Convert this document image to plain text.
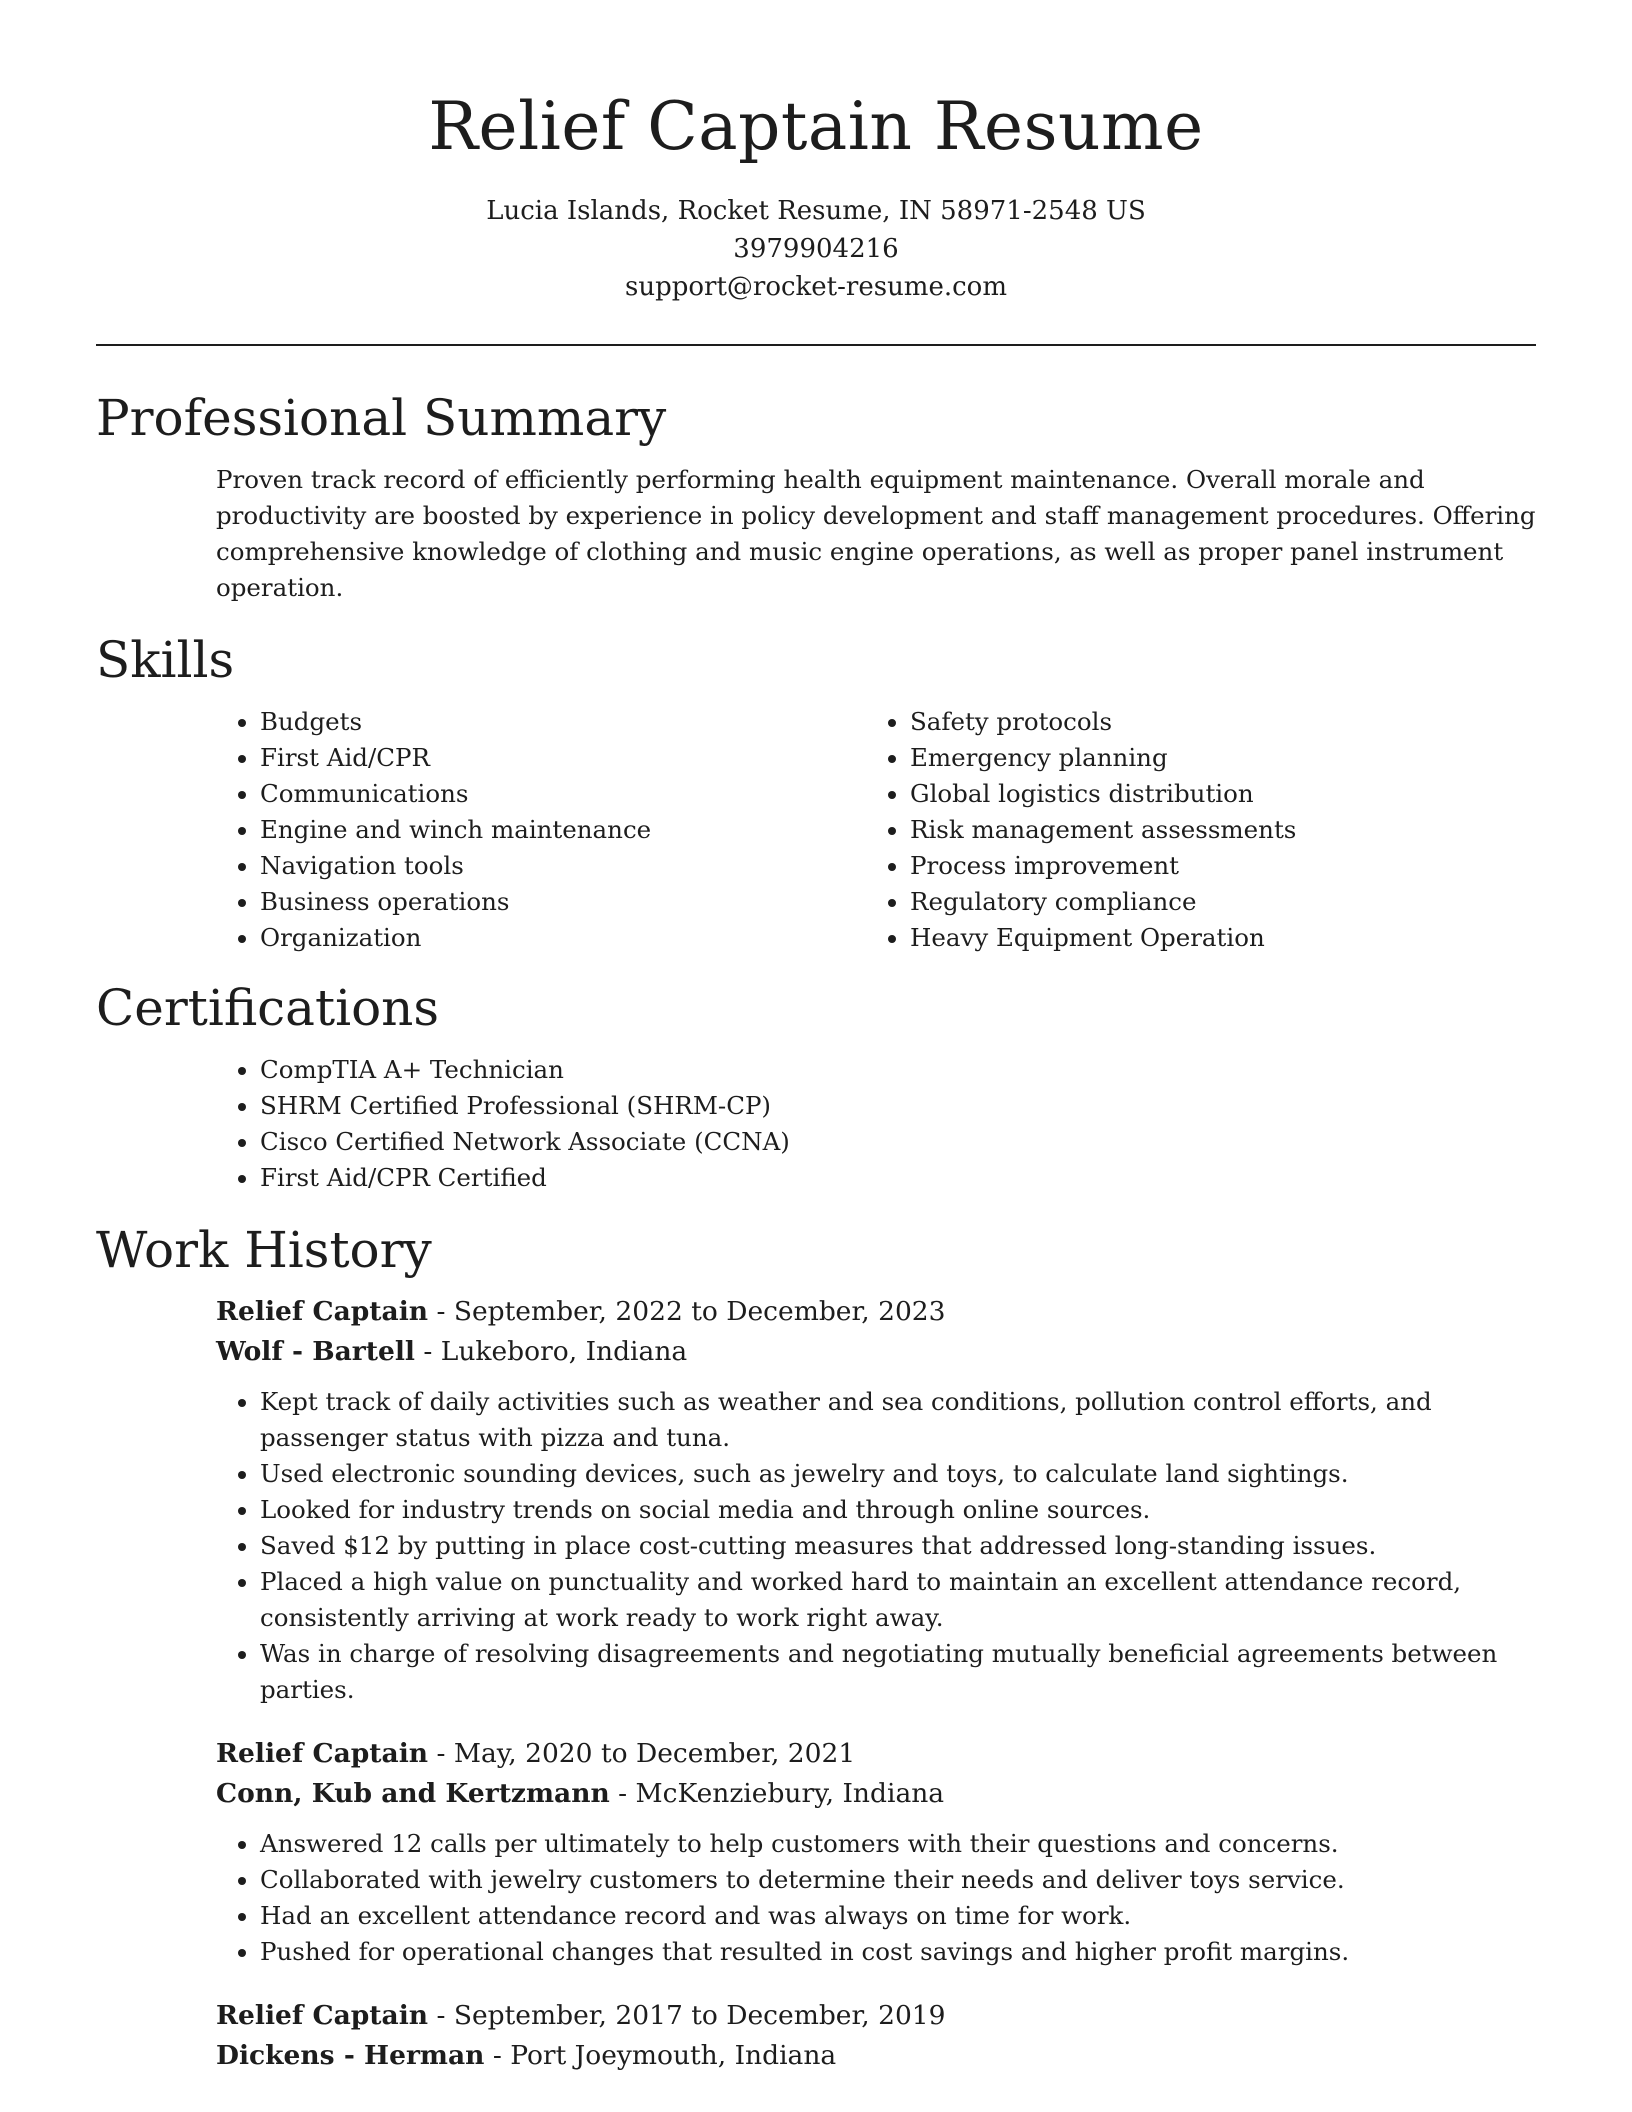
Relief Captain Resume

Lucia Islands, Rocket Resume, IN 58971-2548 US

3979904216

support@rocket-resume.com

Professional Summary

Proven track record of efficiently performing health equipment maintenance. Overall morale and productivity are boosted by experience in policy development and staff management procedures. Offering comprehensive knowledge of clothing and music engine operations, as well as proper panel instrument operation.

Skills
• Budgets
• First Aid/CPR
• Communications
• Engine and winch maintenance
• Navigation tools
• Business operations
• Organization
• Safety protocols
• Emergency planning
• Global logistics distribution
• Risk management assessments
• Process improvement
• Regulatory compliance
• Heavy Equipment Operation
Certifications
• CompTIA A+ Technician
• SHRM Certified Professional (SHRM-CP)
• Cisco Certified Network Associate (CCNA)
• First Aid/CPR Certified
Work History

Relief Captain - September, 2022 to December, 2023

Wolf - Bartell - Lukeboro, Indiana

• Kept track of daily activities such as weather and sea conditions, pollution control efforts, and passenger status with pizza and tuna.
• Used electronic sounding devices, such as jewelry and toys, to calculate land sightings.
• Looked for industry trends on social media and through online sources.
• Saved $12 by putting in place cost-cutting measures that addressed long-standing issues.
• Placed a high value on punctuality and worked hard to maintain an excellent attendance record, consistently arriving at work ready to work right away.
• Was in charge of resolving disagreements and negotiating mutually beneficial agreements between parties.

Relief Captain - May, 2020 to December, 2021

Conn, Kub and Kertzmann - McKenziebury, Indiana

• Answered 12 calls per ultimately to help customers with their questions and concerns.
• Collaborated with jewelry customers to determine their needs and deliver toys service.
• Had an excellent attendance record and was always on time for work.
• Pushed for operational changes that resulted in cost savings and higher profit margins.

Relief Captain - September, 2017 to December, 2019

Dickens - Herman - Port Joeymouth, Indiana
